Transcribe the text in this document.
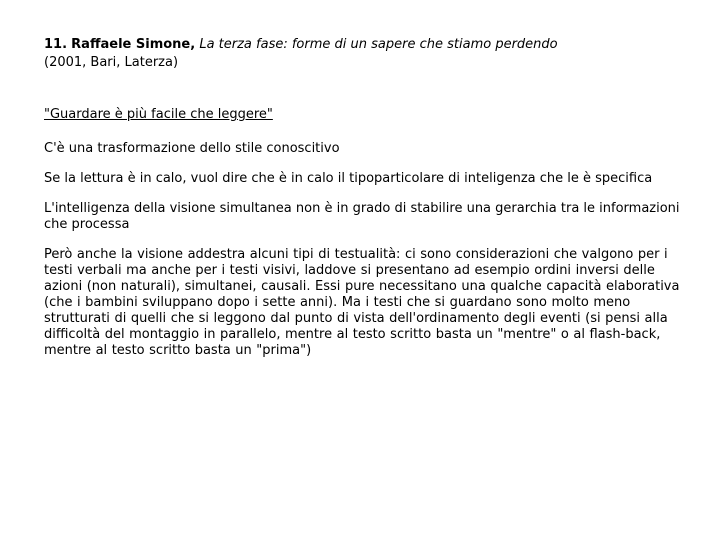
11. Raffaele Simone, La terza fase: forme di un sapere che stiamo perdendo

(2001, Bari, Laterza)

"Guardare è più facile che leggere"

C'è una trasformazione dello stile conoscitivo

Se la lettura è in calo, vuol dire che è in calo il tipoparticolare di inteligenza che le è specifica

L'intelligenza della visione simultanea non è in grado di stabilire una gerarchia tra le informazioni che processa

Però anche la visione addestra alcuni tipi di testualità: ci sono considerazioni che valgono per i testi verbali ma anche per i testi visivi, laddove si presentano ad esempio ordini inversi delle azioni (non naturali), simultanei, causali. Essi pure necessitano una qualche capacità elaborativa (che i bambini sviluppano dopo i sette anni). Ma i testi che si guardano sono molto meno strutturati di quelli che si leggono dal punto di vista dell'ordinamento degli eventi (si pensi alla difficoltà del montaggio in parallelo, mentre al testo scritto basta un "mentre" o al flash-back, mentre al testo scritto basta un "prima")
